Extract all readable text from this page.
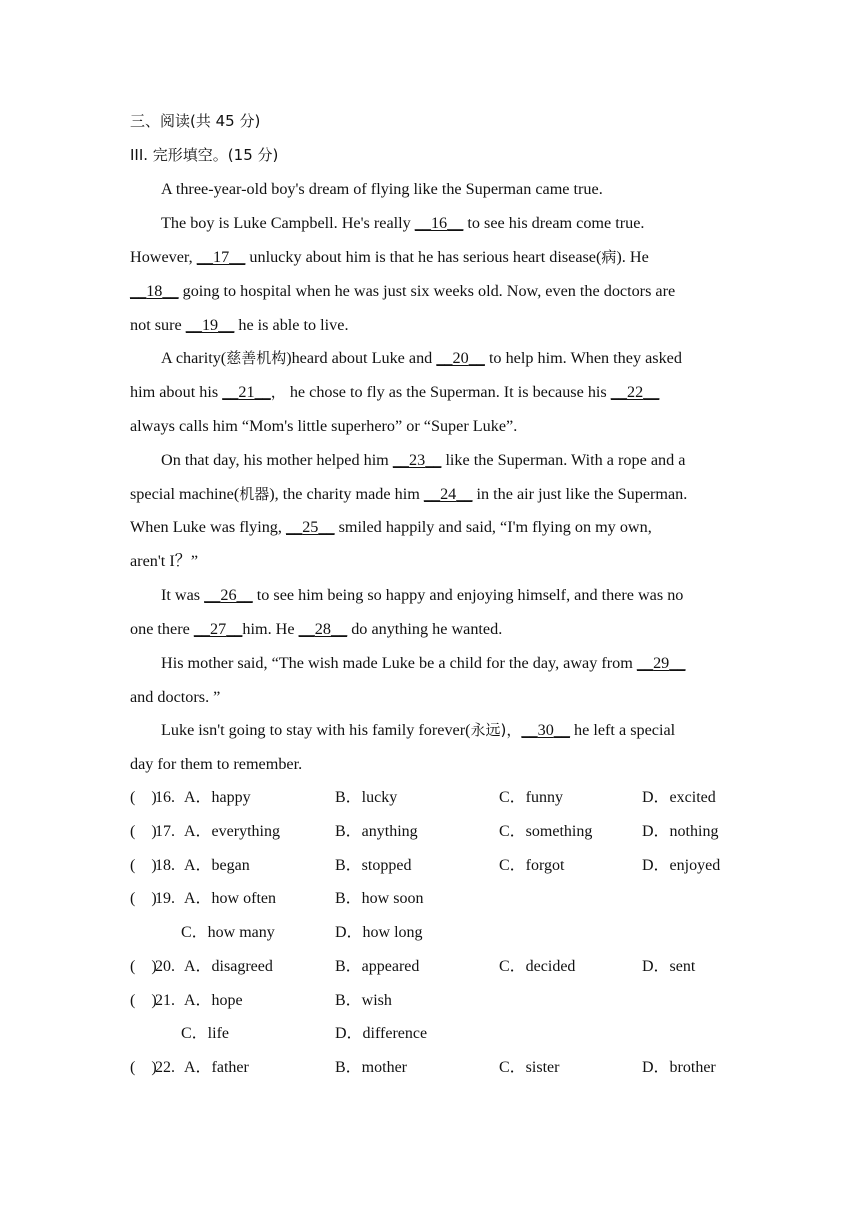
三、阅读(共 45 分)
III. 完形填空。(15 分)
A three-year-old boy's dream of flying like the Superman came true.
The boy is Luke Campbell. He's really __16__ to see his dream come true.
However, __17__ unlucky about him is that he has serious heart disease(病). He
__18__ going to hospital when he was just six weeks old. Now, even the doctors are
not sure __19__ he is able to live.
A charity(慈善机构)heard about Luke and __20__ to help him. When they asked
him about his __21__， he chose to fly as the Superman. It is because his __22__
always calls him “Mom's little superhero” or “Super Luke”.
On that day, his mother helped him __23__ like the Superman. With a rope and a
special machine(机器), the charity made him __24__ in the air just like the Superman.
When Luke was flying, __25__ smiled happily and said, “I'm flying on my own,
aren't I？”
It was __26__ to see him being so happy and enjoying himself, and there was no
one there __27__him. He __28__ do anything he wanted.
His mother said, “The wish made Luke be a child for the day, away from __29__
and doctors. ”
Luke isn't going to stay with his family forever(永远)，__30__ he left a special
day for them to remember.
(　)
16. A．happy	B．lucky	C．funny	D．excited
(　)
17. A．everything	B．anything	C．something	D．nothing
(　)
18. A．began	B．stopped	C．forgot	D．enjoyed
(　)
19. A．how often	B．how soon
C．how many	D．how long
(　)
20. A．disagreed	B．appeared	C．decided	D．sent
(　)
21. A．hope	B．wish
C．life	D．difference
(　)
22. A．father	B．mother	C．sister	D．brother
